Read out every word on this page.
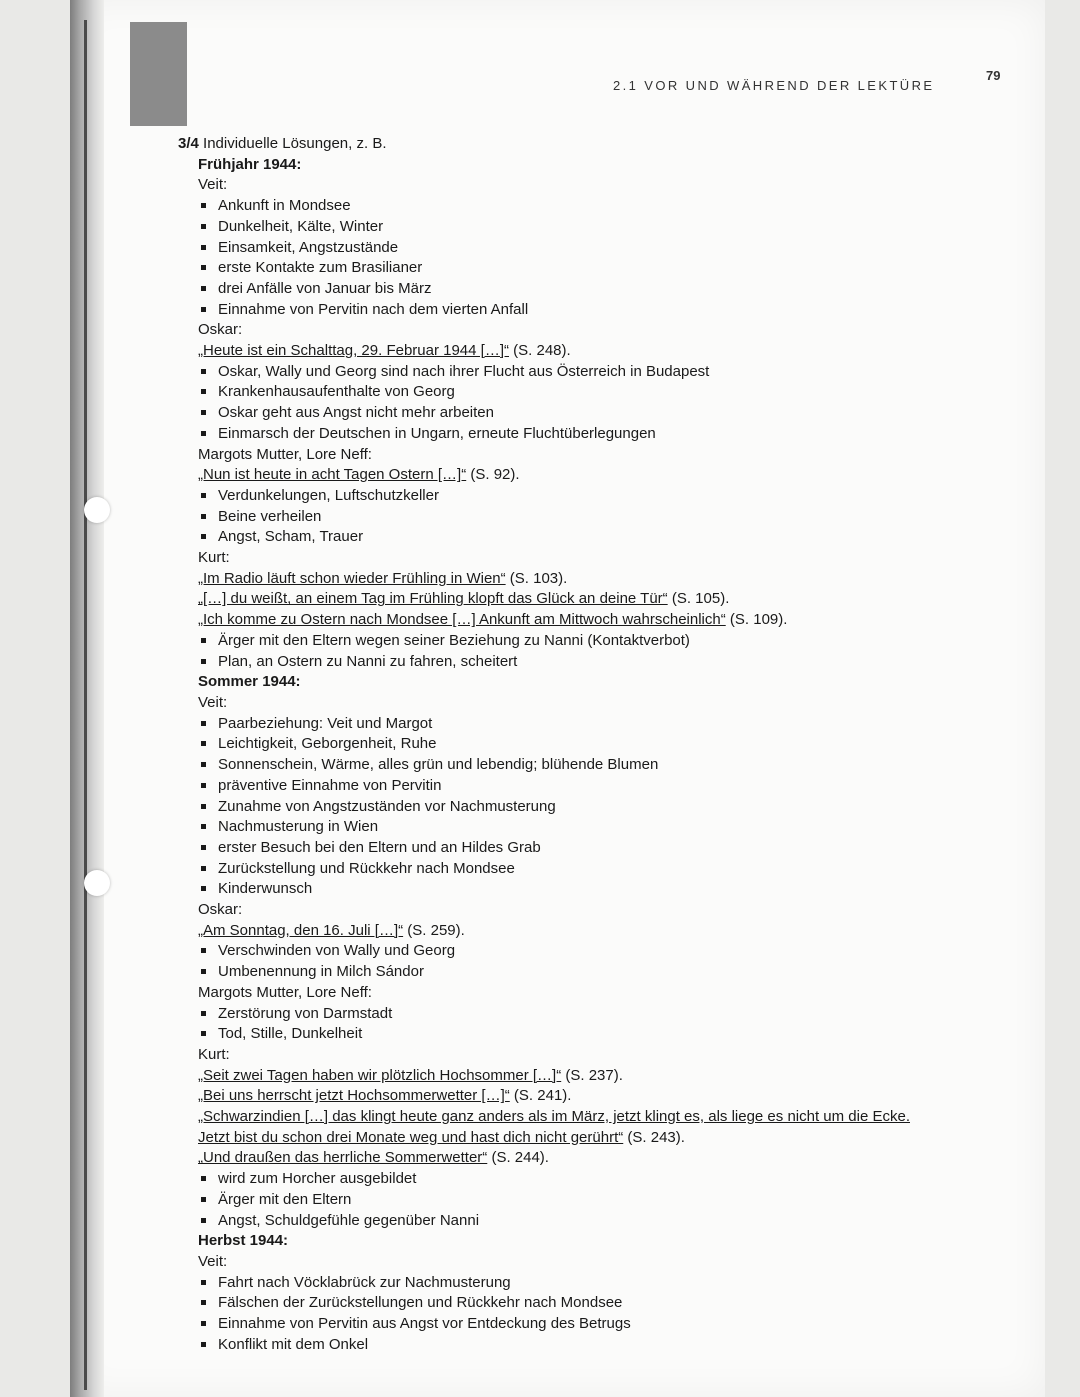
2.1 VOR UND WÄHREND DER LEKTÜRE
79
3/4 Individuelle Lösungen, z. B.
Frühjahr 1944:
Veit:
Ankunft in Mondsee
Dunkelheit, Kälte, Winter
Einsamkeit, Angstzustände
erste Kontakte zum Brasilianer
drei Anfälle von Januar bis März
Einnahme von Pervitin nach dem vierten Anfall
Oskar:
„Heute ist ein Schalttag, 29. Februar 1944 […]“ (S. 248).
Oskar, Wally und Georg sind nach ihrer Flucht aus Österreich in Budapest
Krankenhausaufenthalte von Georg
Oskar geht aus Angst nicht mehr arbeiten
Einmarsch der Deutschen in Ungarn, erneute Fluchtüberlegungen
Margots Mutter, Lore Neff:
„Nun ist heute in acht Tagen Ostern […]“ (S. 92).
Verdunkelungen, Luftschutzkeller
Beine verheilen
Angst, Scham, Trauer
Kurt:
„Im Radio läuft schon wieder Frühling in Wien“ (S. 103).
„[…] du weißt, an einem Tag im Frühling klopft das Glück an deine Tür“ (S. 105).
„Ich komme zu Ostern nach Mondsee […] Ankunft am Mittwoch wahrscheinlich“ (S. 109).
Ärger mit den Eltern wegen seiner Beziehung zu Nanni (Kontaktverbot)
Plan, an Ostern zu Nanni zu fahren, scheitert
Sommer 1944:
Veit:
Paarbeziehung: Veit und Margot
Leichtigkeit, Geborgenheit, Ruhe
Sonnenschein, Wärme, alles grün und lebendig; blühende Blumen
präventive Einnahme von Pervitin
Zunahme von Angstzuständen vor Nachmusterung
Nachmusterung in Wien
erster Besuch bei den Eltern und an Hildes Grab
Zurückstellung und Rückkehr nach Mondsee
Kinderwunsch
Oskar:
„Am Sonntag, den 16. Juli […]“ (S. 259).
Verschwinden von Wally und Georg
Umbenennung in Milch Sándor
Margots Mutter, Lore Neff:
Zerstörung von Darmstadt
Tod, Stille, Dunkelheit
Kurt:
„Seit zwei Tagen haben wir plötzlich Hochsommer […]“ (S. 237).
„Bei uns herrscht jetzt Hochsommerwetter […]“ (S. 241).
„Schwarzindien […] das klingt heute ganz anders als im März, jetzt klingt es, als liege es nicht um die Ecke. Jetzt bist du schon drei Monate weg und hast dich nicht gerührt“ (S. 243).
„Und draußen das herrliche Sommerwetter“ (S. 244).
wird zum Horcher ausgebildet
Ärger mit den Eltern
Angst, Schuldgefühle gegenüber Nanni
Herbst 1944:
Veit:
Fahrt nach Vöcklabrück zur Nachmusterung
Fälschen der Zurückstellungen und Rückkehr nach Mondsee
Einnahme von Pervitin aus Angst vor Entdeckung des Betrugs
Konflikt mit dem Onkel
